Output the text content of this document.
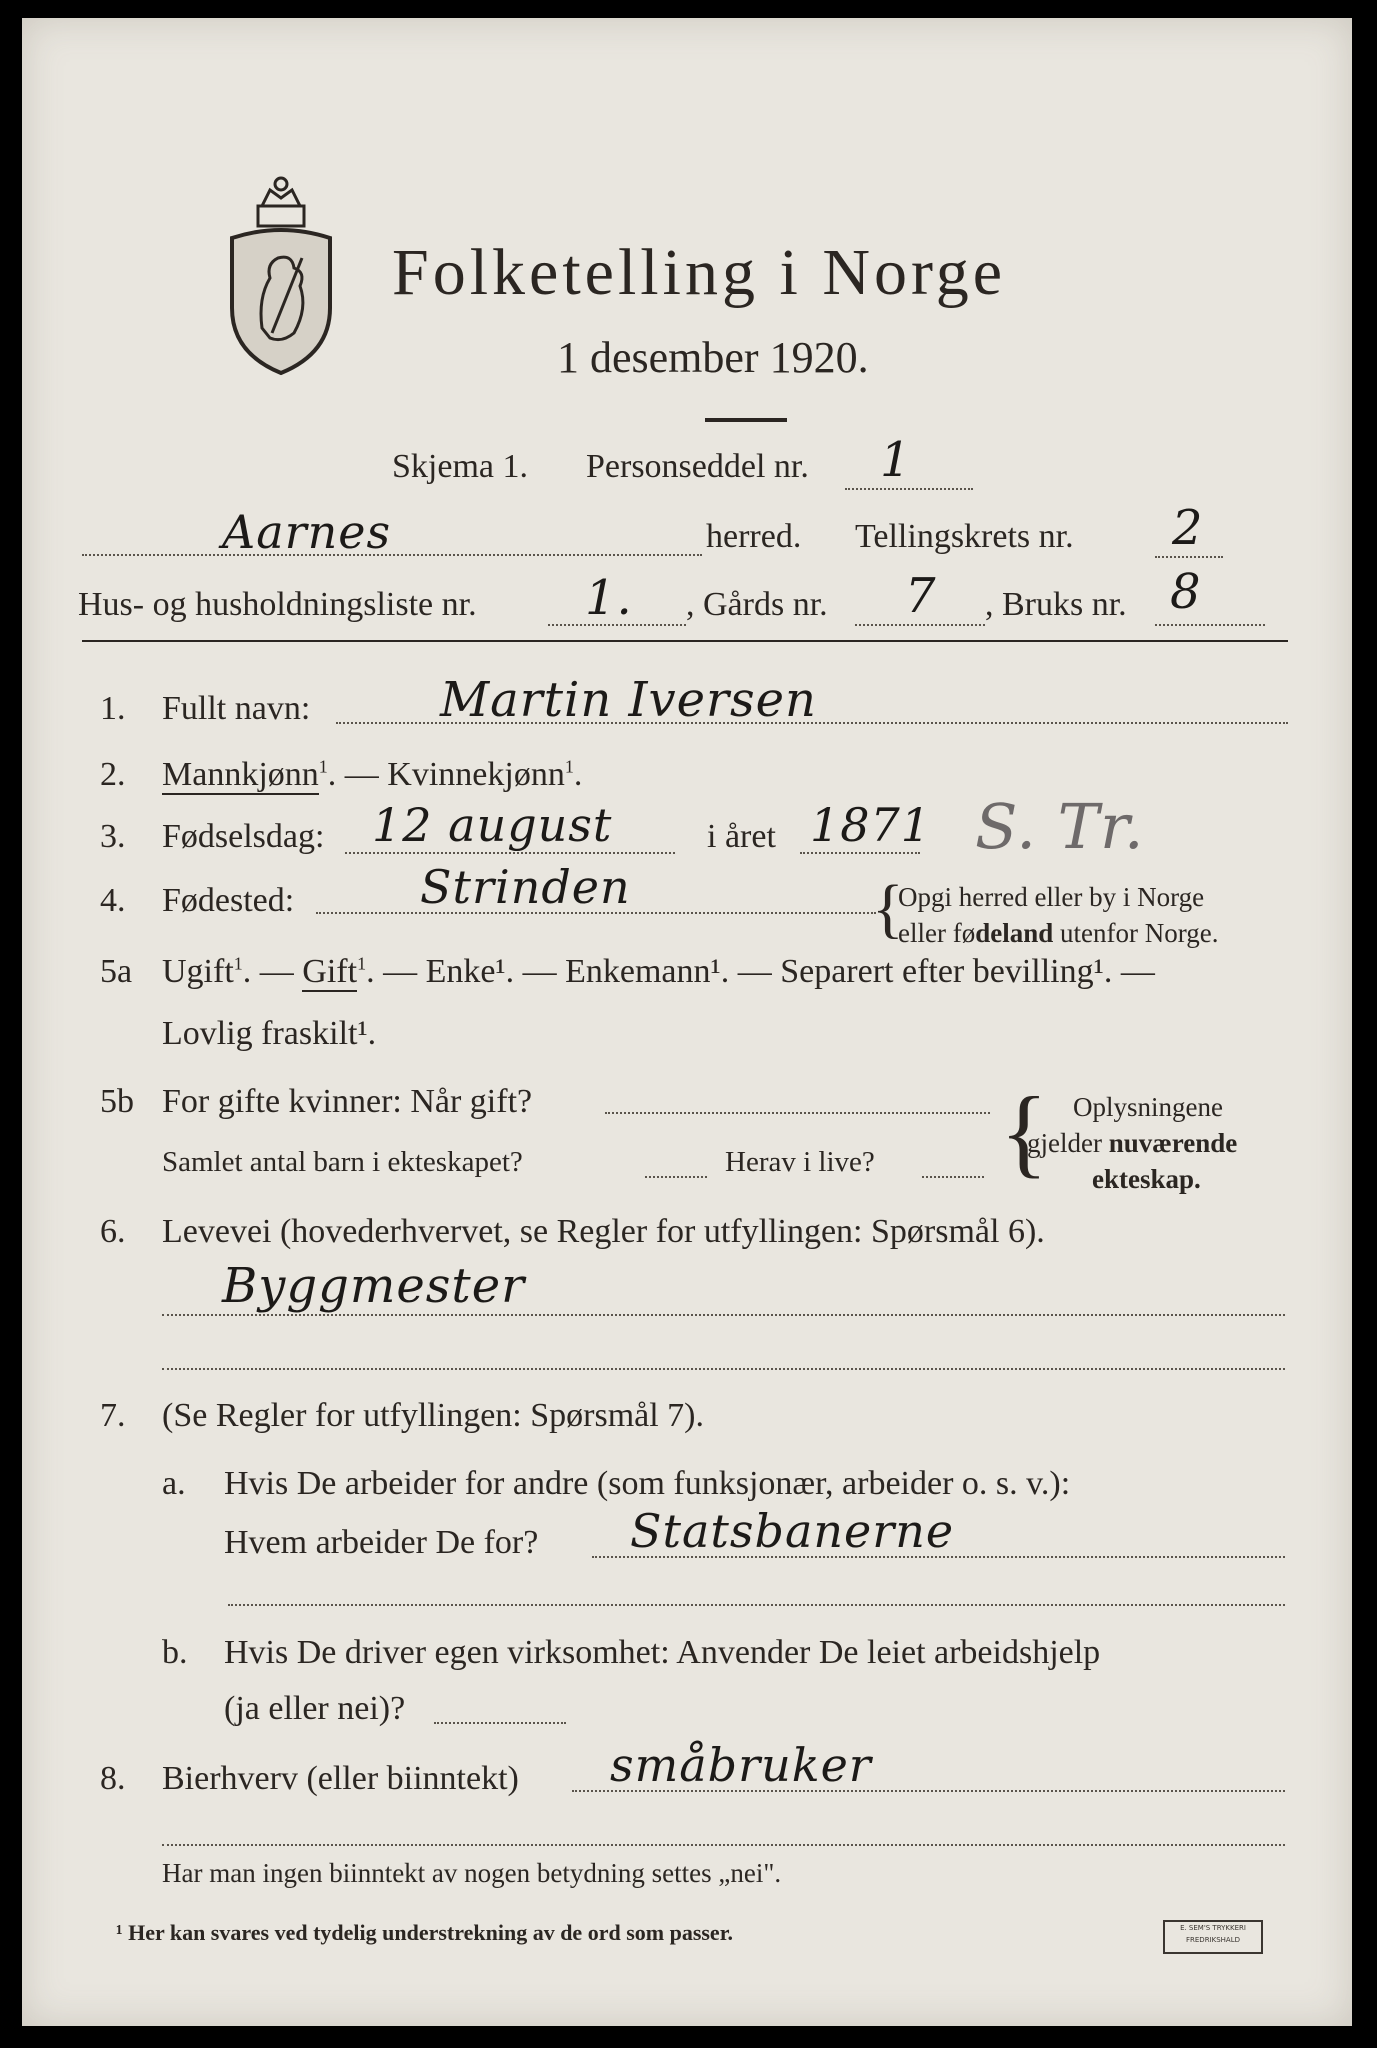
Folketelling i Norge
1 desember 1920.
Skjema 1. Personseddel nr. 1
Aarnes	herred. Tellingskrets nr. 2
Hus- og husholdningsliste nr. 1. , Gårds nr. 7 , Bruks nr. 8
1. Fullt navn:	Martin Iversen
2. Mannkjønn$^1$. — Kvinnekjønn$^1$.
3. Fødselsdag: 12 august	i året 1871 S. Tr.
4. Fødested:	Strinden	{
Opgi herred eller by i Norge
eller fødeland utenfor Norge.
5a Ugift$^1$. — Gift$^1$. — Enke¹. — Enkemann¹. — Separert efter bevilling¹. —
Lovlig fraskilt¹.
5b For gifte kvinner: Når gift?
Samlet antal barn i ekteskapet?	Herav i live? { Oplysningene
gjelder nuværende
ekteskap.
6. Levevei (hovederhvervet, se Regler for utfyllingen: Spørsmål 6).
Byggmester
7. (Se Regler for utfyllingen: Spørsmål 7).
a. Hvis De arbeider for andre (som funksjonær, arbeider o. s. v.):
Hvem arbeider De for? Statsbanerne
b. Hvis De driver egen virksomhet: Anvender De leiet arbeidshjelp
(ja eller nei)?
8. Bierhverv (eller biinntekt) småbruker
Har man ingen biinntekt av nogen betydning settes „nei".
¹ Her kan svares ved tydelig understrekning av de ord som passer.	E. SEM'S TRYKKERI
FREDRIKSHALD
